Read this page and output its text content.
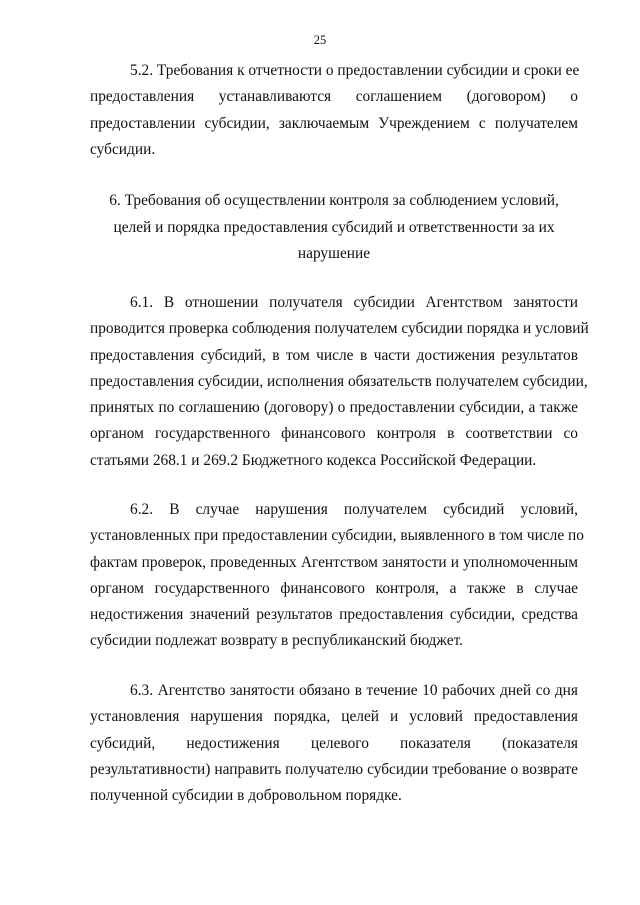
25
5.2. Требования к отчетности о предоставлении субсидии и сроки ее
предоставления устанавливаются соглашением (договором) о
предоставлении субсидии, заключаемым Учреждением с получателем
субсидии.
6. Требования об осуществлении контроля за соблюдением условий,
целей и порядка предоставления субсидий и ответственности за их
нарушение
6.1. В отношении получателя субсидии Агентством занятости
проводится проверка соблюдения получателем субсидии порядка и условий
предоставления субсидий, в том числе в части достижения результатов
предоставления субсидии, исполнения обязательств получателем субсидии,
принятых по соглашению (договору) о предоставлении субсидии, а также
органом государственного финансового контроля в соответствии со
статьями 268.1 и 269.2 Бюджетного кодекса Российской Федерации.
6.2. В случае нарушения получателем субсидий условий,
установленных при предоставлении субсидии, выявленного в том числе по
фактам проверок, проведенных Агентством занятости и уполномоченным
органом государственного финансового контроля, а также в случае
недостижения значений результатов предоставления субсидии, средства
субсидии подлежат возврату в республиканский бюджет.
6.3. Агентство занятости обязано в течение 10 рабочих дней со дня
установления нарушения порядка, целей и условий предоставления
субсидий, недостижения целевого показателя (показателя
результативности) направить получателю субсидии требование о возврате
полученной субсидии в добровольном порядке.
